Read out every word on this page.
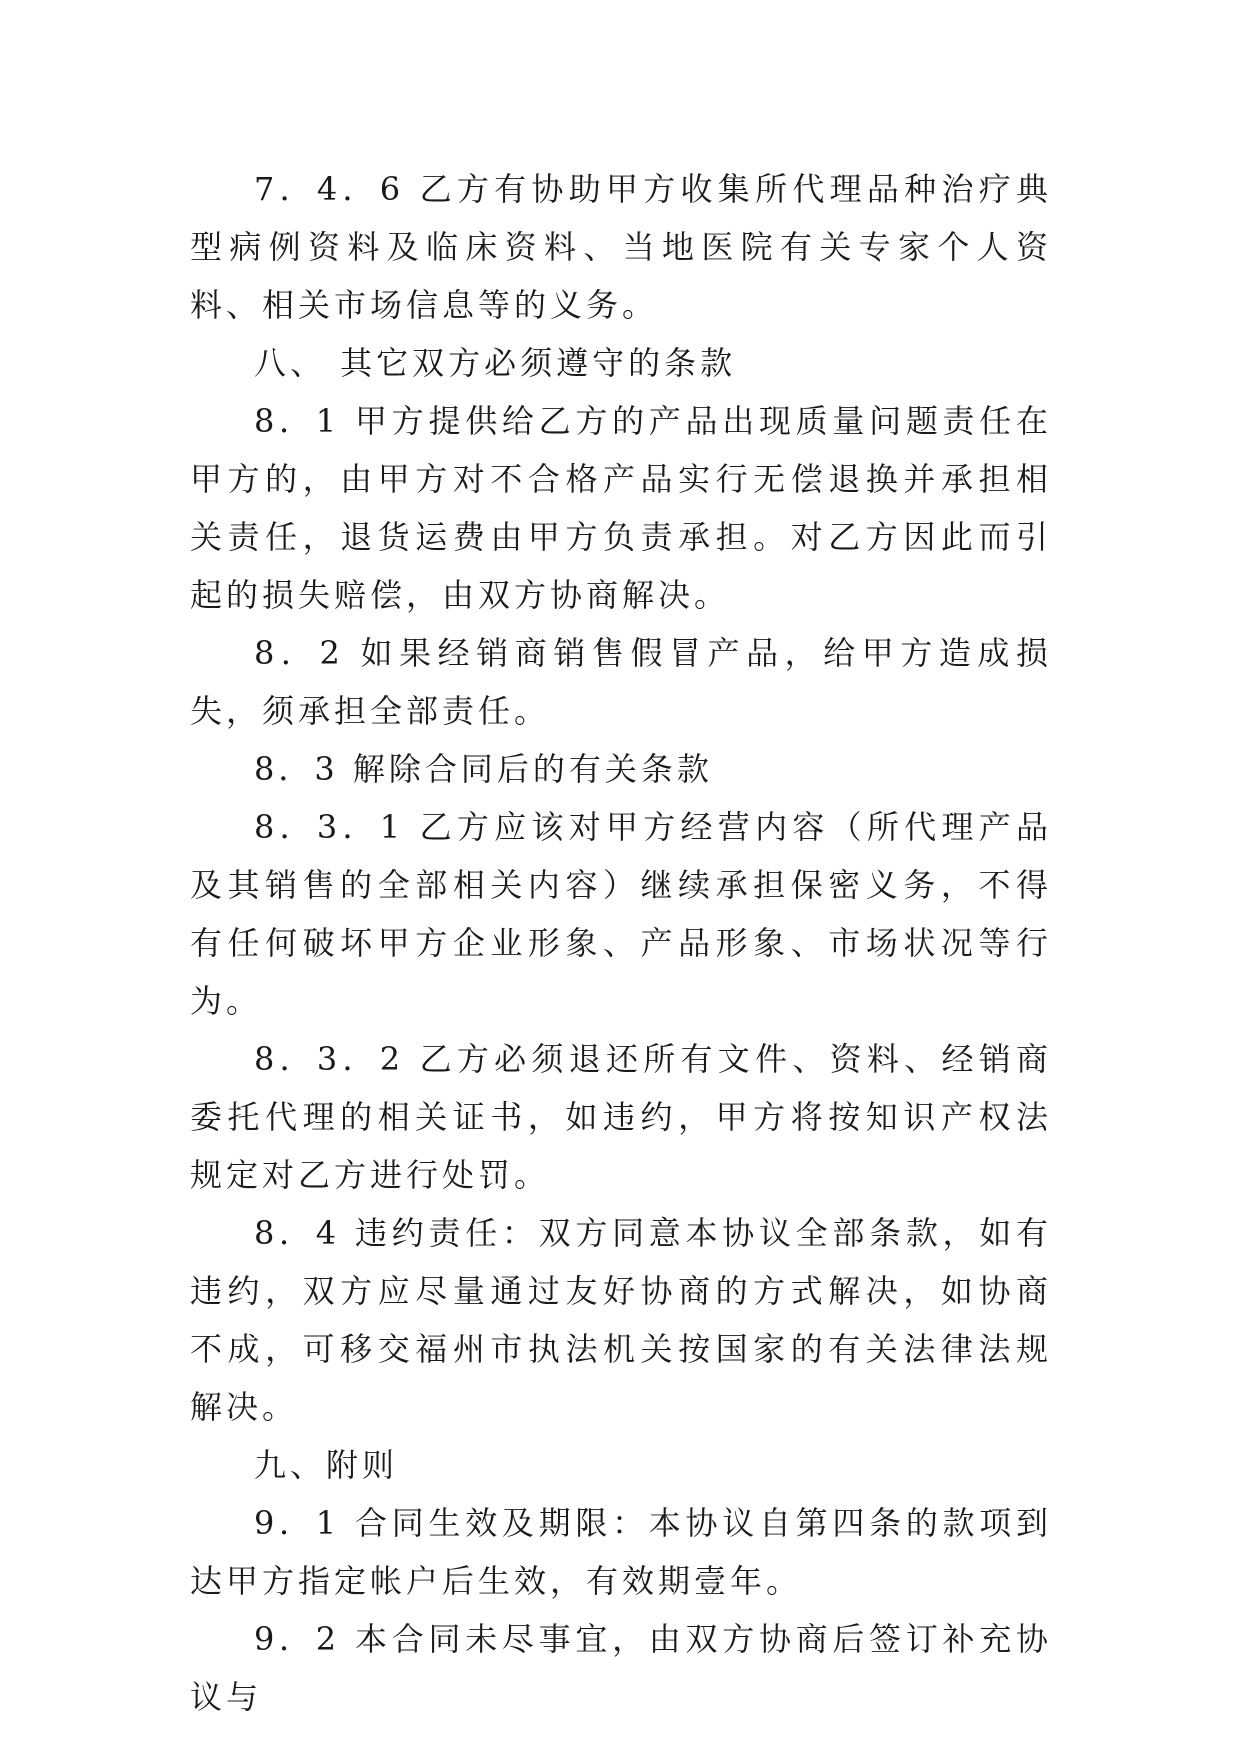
7．4．6 乙方有协助甲方收集所代理品种治疗典型病例资料及临床资料、当地医院有关专家个人资料、相关市场信息等的义务。

八、 其它双方必须遵守的条款

8．1 甲方提供给乙方的产品出现质量问题责任在甲方的，由甲方对不合格产品实行无偿退换并承担相关责任，退货运费由甲方负责承担。对乙方因此而引起的损失赔偿，由双方协商解决。

8．2 如果经销商销售假冒产品，给甲方造成损失，须承担全部责任。

8．3 解除合同后的有关条款

8．3．1 乙方应该对甲方经营内容（所代理产品及其销售的全部相关内容）继续承担保密义务，不得有任何破坏甲方企业形象、产品形象、市场状况等行为。

8．3．2 乙方必须退还所有文件、资料、经销商委托代理的相关证书，如违约，甲方将按知识产权法规定对乙方进行处罚。

8．4 违约责任：双方同意本协议全部条款，如有违约，双方应尽量通过友好协商的方式解决，如协商不成，可移交福州市执法机关按国家的有关法律法规解决。

九、附则

9．1 合同生效及期限：本协议自第四条的款项到达甲方指定帐户后生效，有效期壹年。

9．2 本合同未尽事宜，由双方协商后签订补充协议与
